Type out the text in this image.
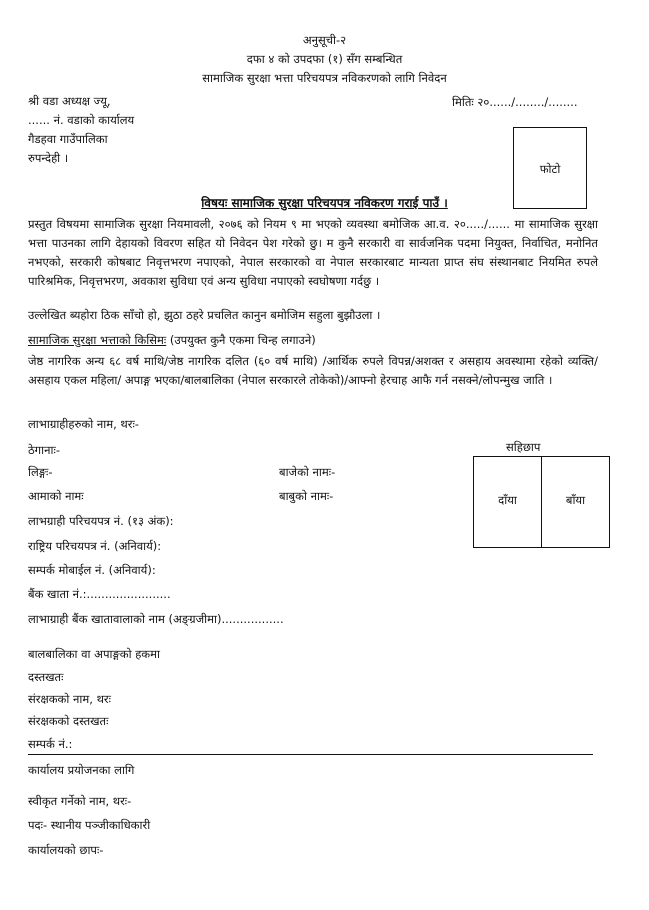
अनुसूची-२
दफा ४ को उपदफा (१) सँग सम्बन्धित
सामाजिक सुरक्षा भत्ता परिचयपत्र नविकरणको लागि निवेदन
श्री वडा अध्यक्ष ज्यू,
...... नं. वडाको कार्यालय
गैडहवा गाउँपालिका
रुपन्देही ।
मितिः २०....../......../........
फोटो
विषयः सामाजिक सुरक्षा परिचयपत्र नविकरण गराई पाउँ ।
प्रस्तुत विषयमा सामाजिक सुरक्षा नियमावली, २०७६ को नियम ९ मा भएको व्यवस्था बमोजिक आ.व. २०...../...... मा सामाजिक सुरक्षा भत्ता पाउनका लागि देहायको विवरण सहित यो निवेदन पेश गरेको छु। म कुनै सरकारी वा सार्वजनिक पदमा नियुक्त, निर्वाचित, मनोनित नभएको, सरकारी कोषबाट निवृत्तभरण नपाएको, नेपाल सरकारको वा नेपाल सरकारबाट मान्यता प्राप्त संघ संस्थानबाट नियमित रुपले पारिश्रमिक, निवृत्तभरण, अवकाश सुविधा एवं अन्य सुविधा नपाएको स्वघोषणा गर्दछु ।
उल्लेखित ब्यहोरा ठिक साँचो हो, झुठा ठहरे प्रचलित कानुन बमोजिम सहुला बुझौउला ।
सामाजिक सुरक्षा भत्ताको किसिमः (उपयुक्त कुनै एकमा चिन्ह लगाउने)
जेष्ठ नागरिक अन्य ६८ वर्ष माथि/जेष्ठ नागरिक दलित (६० वर्ष माथि) /आर्थिक रुपले विपन्न/अशक्त र असहाय अवस्थामा रहेको व्यक्ति/असहाय एकल महिला/ अपाङ्ग भएका/बालबालिका (नेपाल सरकारले तोकेको)/आफ्नो हेरचाह आफै गर्न नसक्ने/लोपन्मुख जाति ।
लाभाग्राहीहरुको नाम, थरः-
ठेगानाः-
लिङ्गः-	बाजेको नामः-
आमाको नामः	बाबुको नामः-
लाभग्राही परिचयपत्र नं. (१३ अंक):
राष्ट्रिय परिचयपत्र नं. (अनिवार्य):
सम्पर्क मोबाईल नं. (अनिवार्य):
बैंक खाता नं.:.......................
लाभाग्राही बैंक खातावालाको नाम (अङ्ग्रजीमा).................
सहिछाप
दाँया	बाँया
बालबालिका वा अपाङ्गको हकमा
दस्तखतः
संरक्षकको नाम, थरः
संरक्षकको दस्तखतः
सम्पर्क नं.:
कार्यालय प्रयोजनका लागि
स्वीकृत गर्नेको नाम, थरः-
पदः- स्थानीय पञ्जीकाधिकारी
कार्यालयको छापः-
